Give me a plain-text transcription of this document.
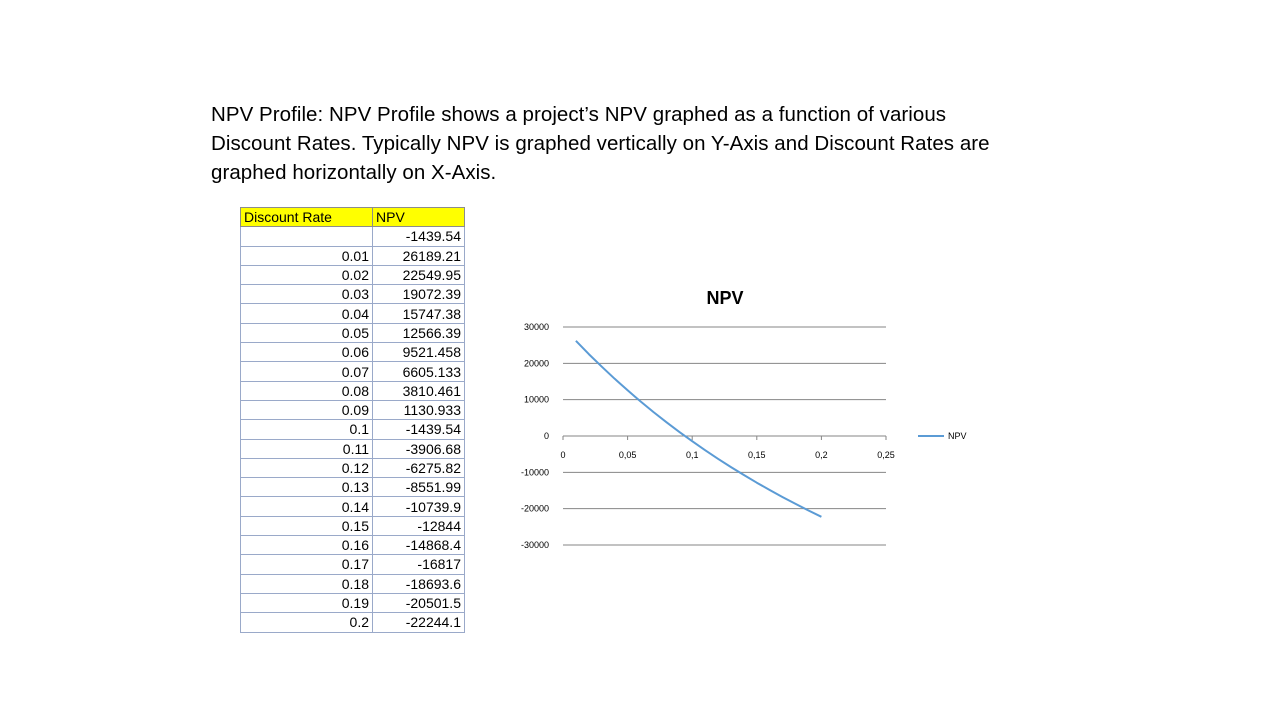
NPV Profile: NPV Profile shows a project’s NPV graphed as a function of various Discount Rates. Typically NPV is graphed vertically on Y-Axis and Discount Rates are graphed horizontally on X-Axis.

Discount Rate	NPV
	-1439.54
0.01	26189.21
0.02	22549.95
0.03	19072.39
0.04	15747.38
0.05	12566.39
0.06	9521.458
0.07	6605.133
0.08	3810.461
0.09	1130.933
0.1	-1439.54
0.11	-3906.68
0.12	-6275.82
0.13	-8551.99
0.14	-10739.9
0.15	-12844
0.16	-14868.4
0.17	-16817
0.18	-18693.6
0.19	-20501.5
0.2	-22244.1
NPV
30000
20000
10000
0
-10000
-20000
-30000
0	0,05	0,1	0,15	0,2	0,25
NPV
